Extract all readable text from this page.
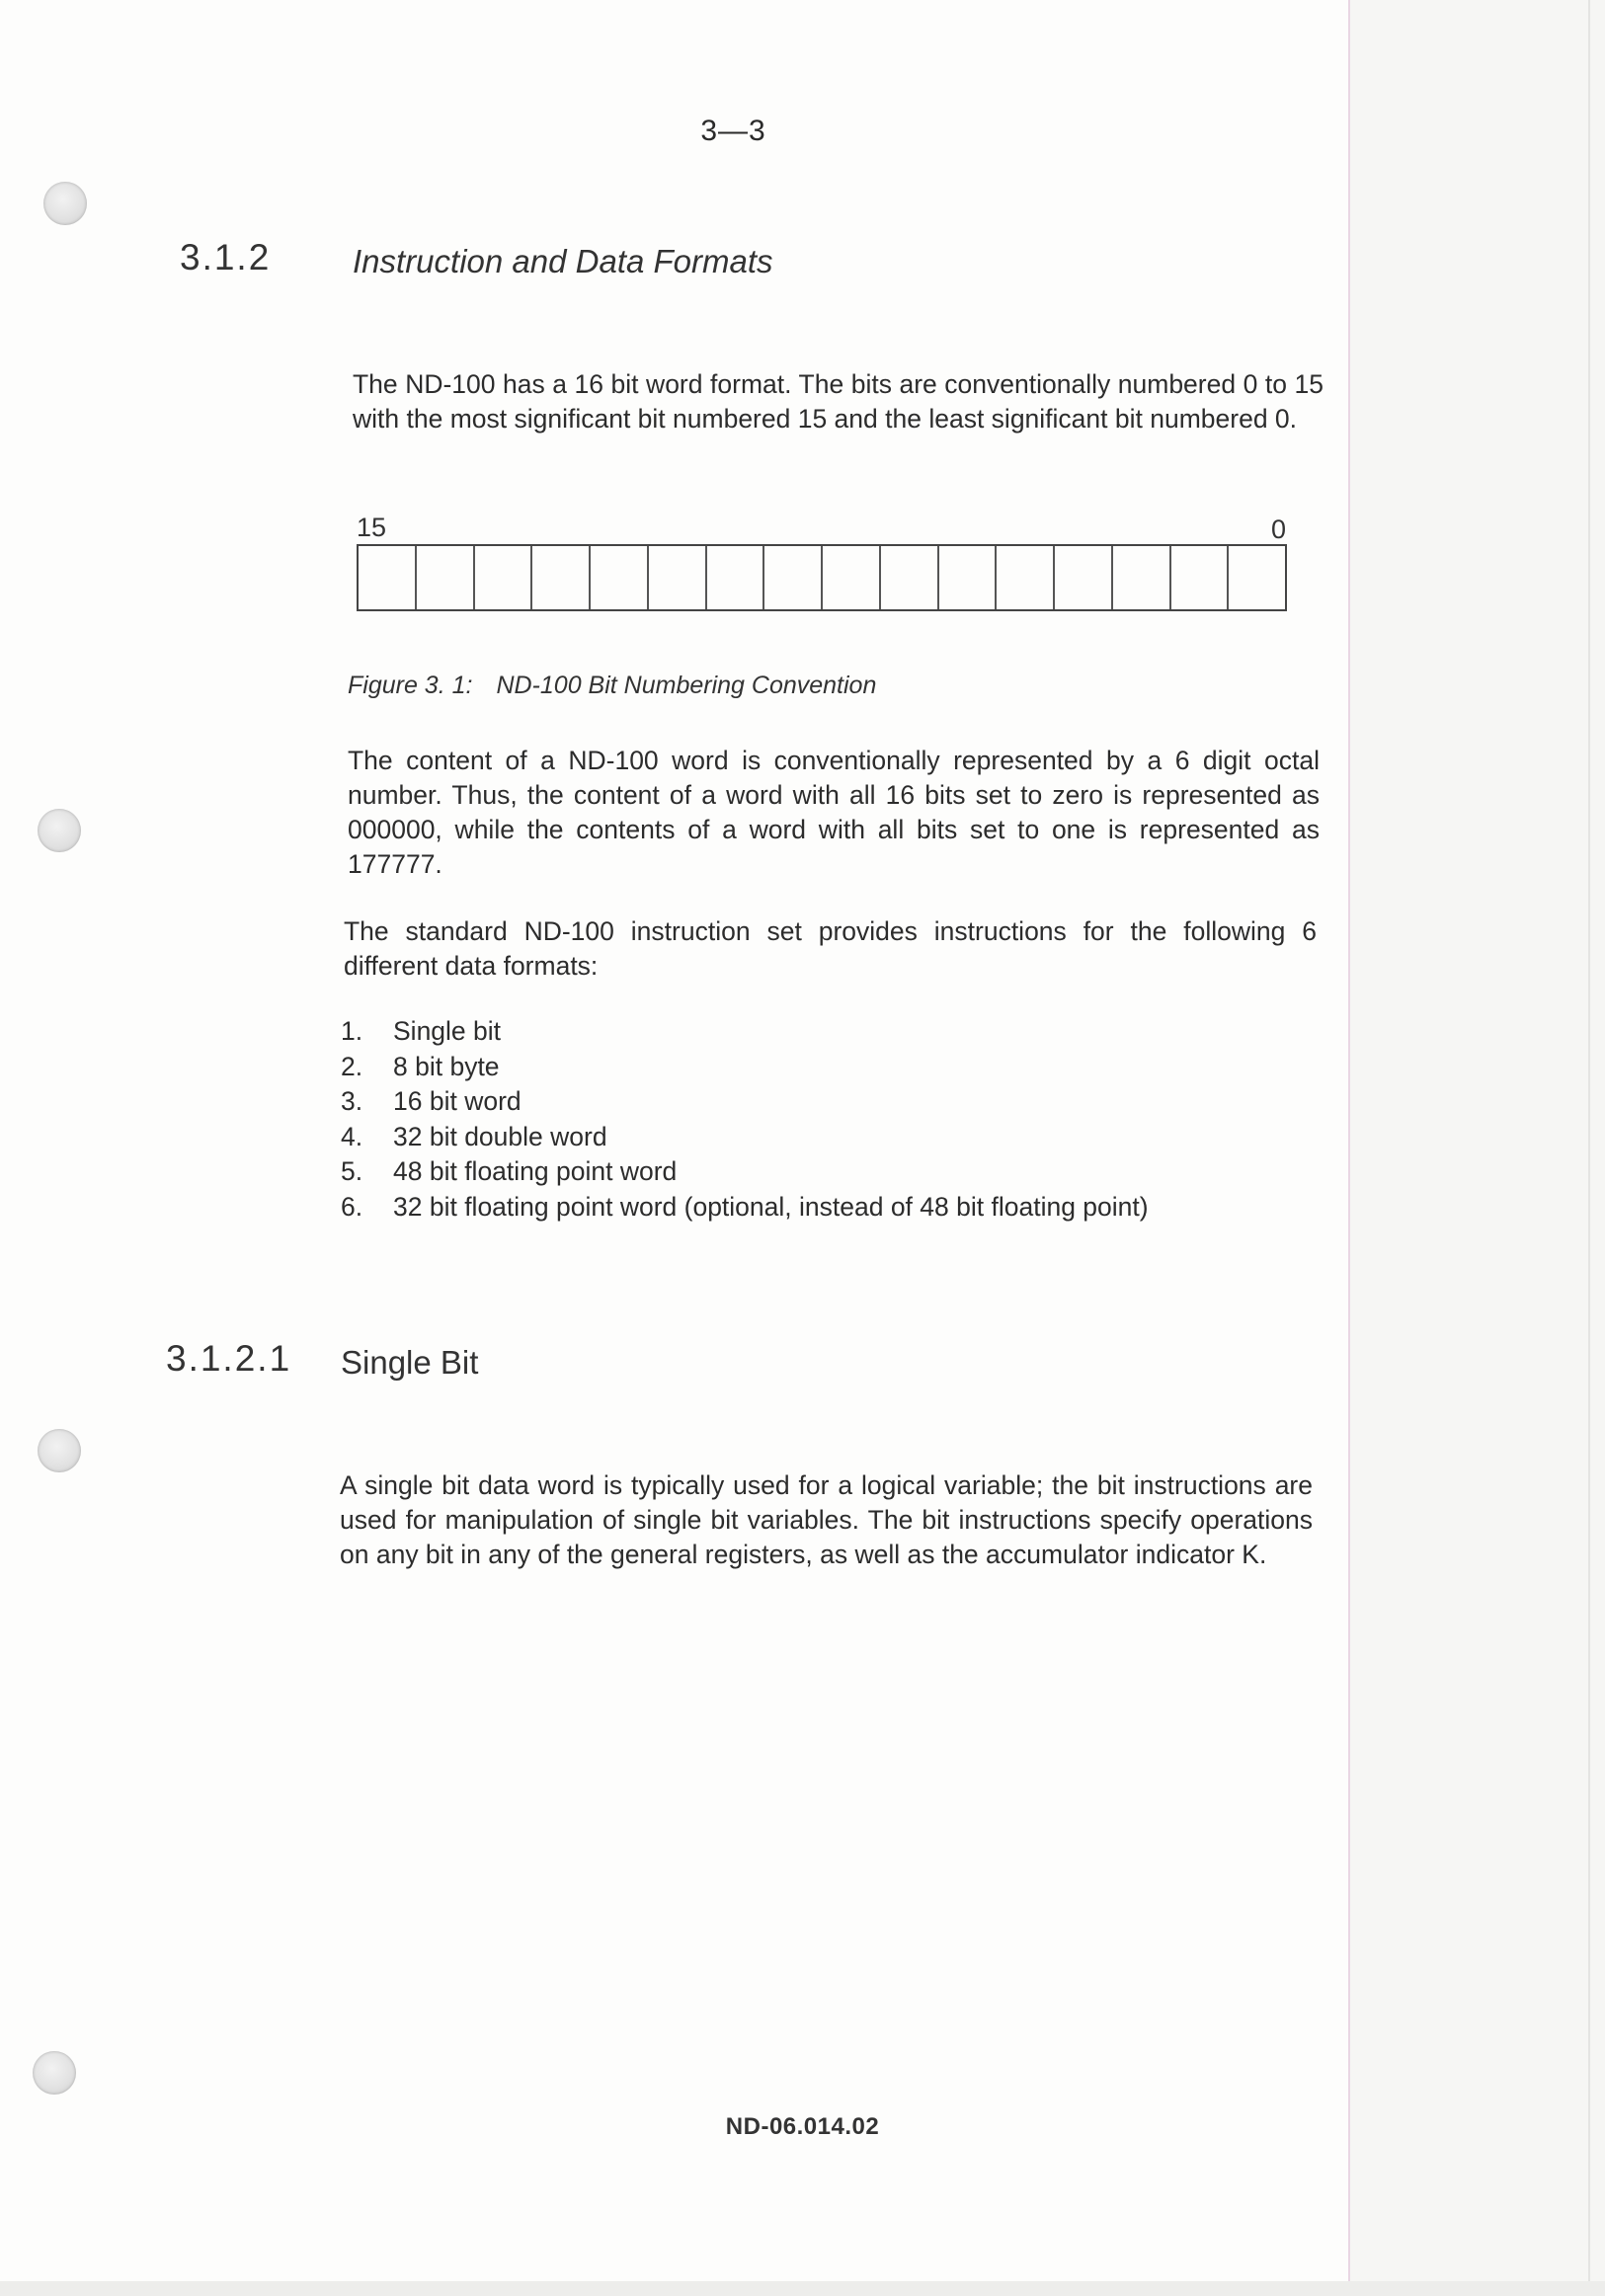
3—3
3.1.2	Instruction and Data Formats

The ND-100 has a 16 bit word format. The bits are conventionally numbered 0 to 15 with the most significant bit numbered 15 and the least significant bit numbered 0.

15	0
Figure 3. 1: ND-100 Bit Numbering Convention

The content of a ND-100 word is conventionally represented by a 6 digit octal number. Thus, the content of a word with all 16 bits set to zero is represented as 000000, while the contents of a word with all bits set to one is represented as 177777.

The standard ND-100 instruction set provides instructions for the following 6 different data formats:

1.	Single bit
2.	8 bit byte
3.	16 bit word
4.	32 bit double word
5.	48 bit floating point word
6.	32 bit floating point word (optional, instead of 48 bit floating point)
3.1.2.1 Single Bit

A single bit data word is typically used for a logical variable; the bit instructions are used for manipulation of single bit variables. The bit instructions specify operations on any bit in any of the general registers, as well as the accumulator indicator K.

ND-06.014.02
